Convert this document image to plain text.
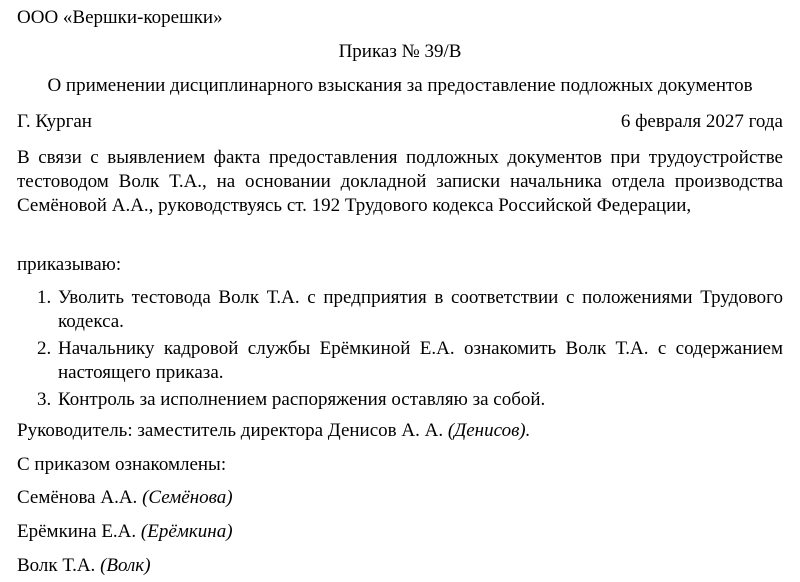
ООО «Вершки-корешки»
Приказ № 39/В
О применении дисциплинарного взыскания за предоставление подложных документов
Г. Курган	6 февраля 2027 года
В связи с выявлением факта предоставления подложных документов при трудоустройстве тестоводом Волк Т.А., на основании докладной записки начальника отдела производства Семёновой А.А., руководствуясь ст. 192 Трудового кодекса Российской Федерации,
приказываю:
1. Уволить тестовода Волк Т.А. с предприятия в соответствии с положениями Трудового кодекса.
2. Начальнику кадровой службы Ерёмкиной Е.А. ознакомить Волк Т.А. с содержанием настоящего приказа.
3. Контроль за исполнением распоряжения оставляю за собой.
Руководитель: заместитель директора Денисов А. А. (Денисов).
С приказом ознакомлены:
Семёнова А.А. (Семёнова)
Ерёмкина Е.А. (Ерёмкина)
Волк Т.А. (Волк)
